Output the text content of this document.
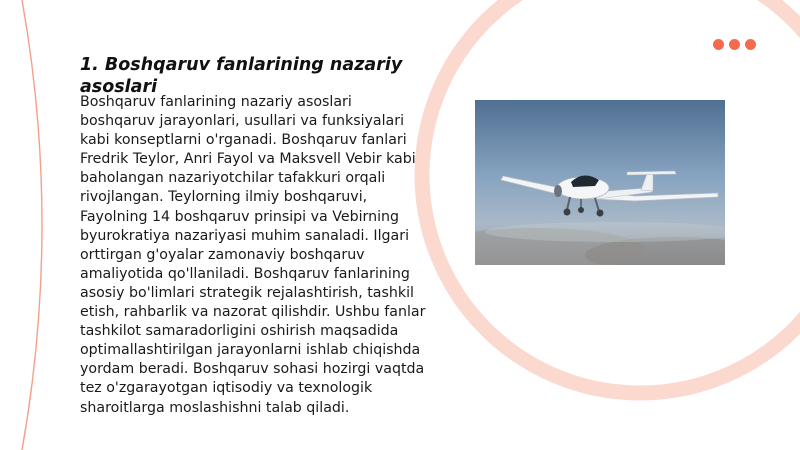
1. Boshqaruv fanlarining nazariy asoslari

Boshqaruv fanlarining nazariy asoslari boshqaruv jarayonlari, usullari va funksiyalari kabi konseptlarni o'rganadi. Boshqaruv fanlari Fredrik Teylor, Anri Fayol va Maksvell Vebir kabi baholangan nazariyotchilar tafakkuri orqali rivojlangan. Teylorning ilmiy boshqaruvi, Fayolning 14 boshqaruv prinsipi va Vebirning byurokratiya nazariyasi muhim sanaladi. Ilgari orttirgan g'oyalar zamonaviy boshqaruv amaliyotida qo'llaniladi. Boshqaruv fanlarining asosiy bo'limlari strategik rejalashtirish, tashkil etish, rahbarlik va nazorat qilishdir. Ushbu fanlar tashkilot samaradorligini oshirish maqsadida optimallashtirilgan jarayonlarni ishlab chiqishda yordam beradi. Boshqaruv sohasi hozirgi vaqtda tez o'zgarayotgan iqtisodiy va texnologik sharoitlarga moslashishni talab qiladi.
